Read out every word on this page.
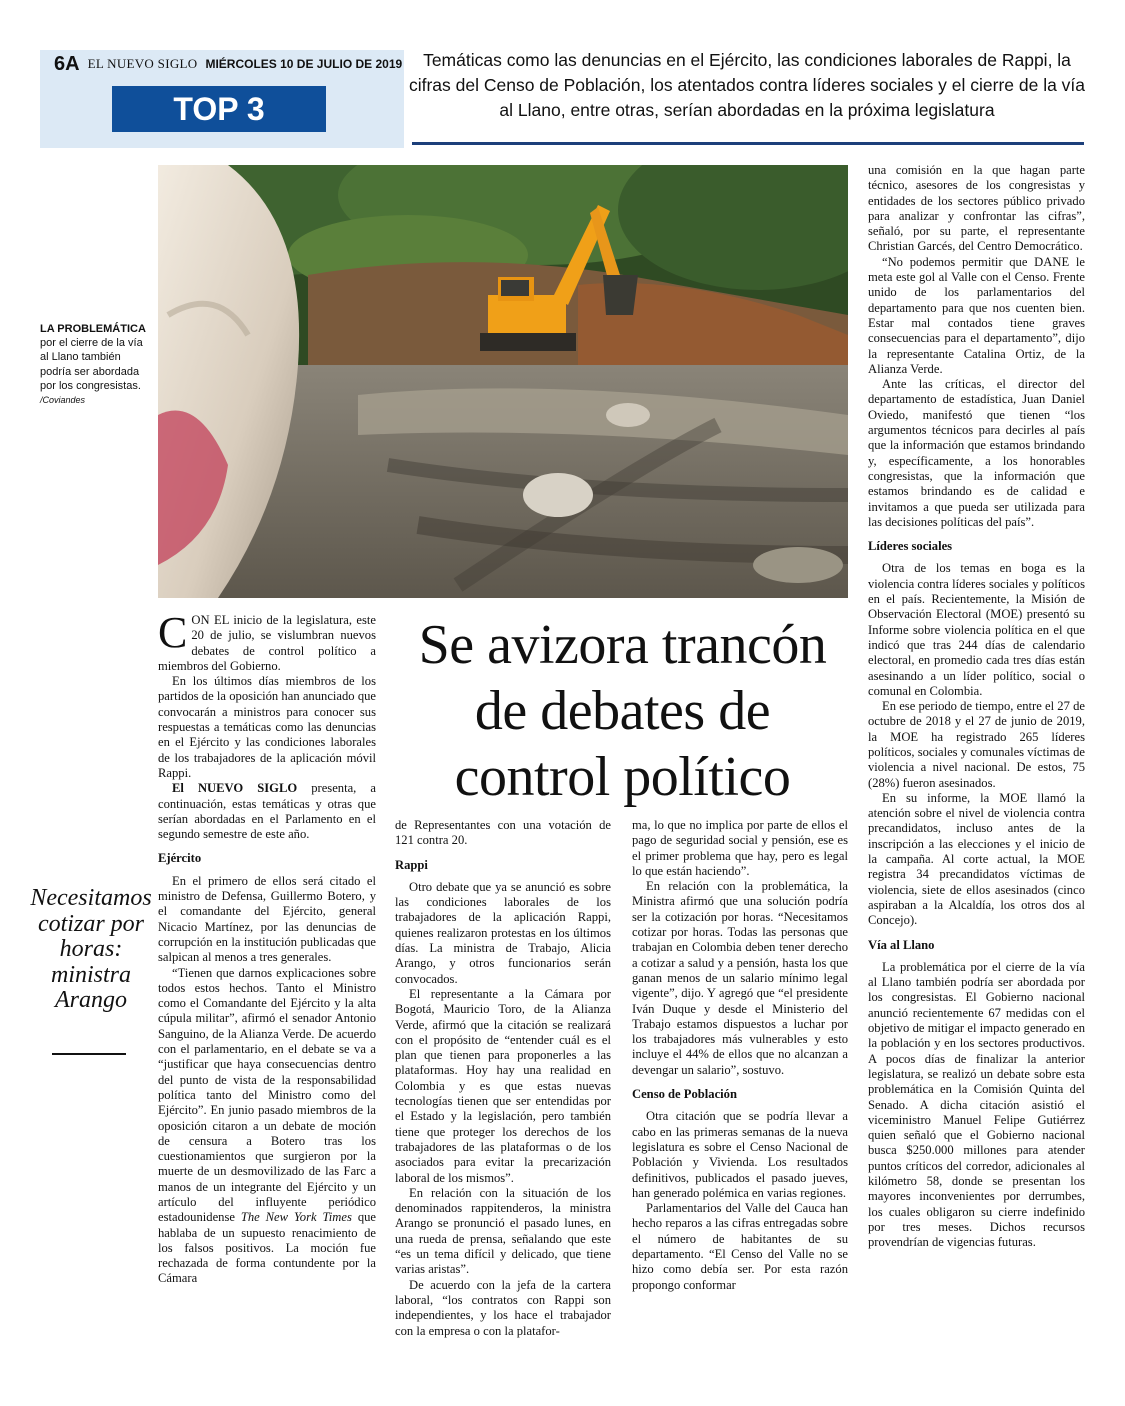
6A EL NUEVO SIGLO MIÉRCOLES 10 DE JULIO DE 2019
TOP 3
Temáticas como las denuncias en el Ejército, las condiciones laborales de Rappi, la cifras del Censo de Población, los atentados contra líderes sociales y el cierre de la vía al Llano, entre otras, serían abordadas en la próxima legislatura
LA PROBLEMÁTICA
por el cierre de la vía al Llano también podría ser abordada por los congresistas.
/Coviandes
Se avizora trancón de debates de control político
Necesitamos cotizar por horas: ministra Arango

CON EL inicio de la legislatura, este 20 de julio, se vislumbran nuevos debates de control político a miembros del Gobierno.

En los últimos días miembros de los partidos de la oposición han anunciado que convocarán a ministros para conocer sus respuestas a temáticas como las denuncias en el Ejército y las condiciones laborales de los trabajadores de la aplicación móvil Rappi.

El NUEVO SIGLO presenta, a continuación, estas temáticas y otras que serían abordadas en el Parlamento en el segundo semestre de este año.

Ejército

En el primero de ellos será citado el ministro de Defensa, Guillermo Botero, y el comandante del Ejército, general Nicacio Martínez, por las denuncias de corrupción en la institución publicadas que salpican al menos a tres generales.

“Tienen que darnos explicaciones sobre todos estos hechos. Tanto el Ministro como el Comandante del Ejército y la alta cúpula militar”, afirmó el senador Antonio Sanguino, de la Alianza Verde. De acuerdo con el parlamentario, en el debate se va a “justificar que haya consecuencias dentro del punto de vista de la responsabilidad política tanto del Ministro como del Ejército”. En junio pasado miembros de la oposición citaron a un debate de moción de censura a Botero tras los cuestionamientos que surgieron por la muerte de un desmovilizado de las Farc a manos de un integrante del Ejército y un artículo del influyente periódico estadounidense The New York Times que hablaba de un supuesto renacimiento de los falsos positivos. La moción fue rechazada de forma contundente por la Cámara

de Representantes con una votación de 121 contra 20.

Rappi

Otro debate que ya se anunció es sobre las condiciones laborales de los trabajadores de la aplicación Rappi, quienes realizaron protestas en los últimos días. La ministra de Trabajo, Alicia Arango, y otros funcionarios serán convocados.

El representante a la Cámara por Bogotá, Mauricio Toro, de la Alianza Verde, afirmó que la citación se realizará con el propósito de “entender cuál es el plan que tienen para proponerles a las plataformas. Hoy hay una realidad en Colombia y es que estas nuevas tecnologías tienen que ser entendidas por el Estado y la legislación, pero también tiene que proteger los derechos de los trabajadores de las plataformas o de los asociados para evitar la precarización laboral de los mismos”.

En relación con la situación de los denominados rappitenderos, la ministra Arango se pronunció el pasado lunes, en una rueda de prensa, señalando que este “es un tema difícil y delicado, que tiene varias aristas”.

De acuerdo con la jefa de la cartera laboral, “los contratos con Rappi son independientes, y los hace el trabajador con la empresa o con la platafor-

ma, lo que no implica por parte de ellos el pago de seguridad social y pensión, ese es el primer problema que hay, pero es legal lo que están haciendo”.

En relación con la problemática, la Ministra afirmó que una solución podría ser la cotización por horas. “Necesitamos cotizar por horas. Todas las personas que trabajan en Colombia deben tener derecho a cotizar a salud y a pensión, hasta los que ganan menos de un salario mínimo legal vigente”, dijo. Y agregó que “el presidente Iván Duque y desde el Ministerio del Trabajo estamos dispuestos a luchar por los trabajadores más vulnerables y esto incluye el 44% de ellos que no alcanzan a devengar un salario”, sostuvo.

Censo de Población

Otra citación que se podría llevar a cabo en las primeras semanas de la nueva legislatura es sobre el Censo Nacional de Población y Vivienda. Los resultados definitivos, publicados el pasado jueves, han generado polémica en varias regiones.

Parlamentarios del Valle del Cauca han hecho reparos a las cifras entregadas sobre el número de habitantes de su departamento. “El Censo del Valle no se hizo como debía ser. Por esta razón propongo conformar

una comisión en la que hagan parte técnico, asesores de los congresistas y entidades de los sectores público privado para analizar y confrontar las cifras”, señaló, por su parte, el representante Christian Garcés, del Centro Democrático.

“No podemos permitir que DANE le meta este gol al Valle con el Censo. Frente unido de los parlamentarios del departamento para que nos cuenten bien. Estar mal contados tiene graves consecuencias para el departamento”, dijo la representante Catalina Ortiz, de la Alianza Verde.

Ante las críticas, el director del departamento de estadística, Juan Daniel Oviedo, manifestó que tienen “los argumentos técnicos para decirles al país que la información que estamos brindando y, específicamente, a los honorables congresistas, que la información que estamos brindando es de calidad e invitamos a que pueda ser utilizada para las decisiones políticas del país”.

Líderes sociales

Otra de los temas en boga es la violencia contra líderes sociales y políticos en el país. Recientemente, la Misión de Observación Electoral (MOE) presentó su Informe sobre violencia política en el que indicó que tras 244 días de calendario electoral, en promedio cada tres días están asesinando a un líder político, social o comunal en Colombia.

En ese periodo de tiempo, entre el 27 de octubre de 2018 y el 27 de junio de 2019, la MOE ha registrado 265 líderes políticos, sociales y comunales víctimas de violencia a nivel nacional. De estos, 75 (28%) fueron asesinados.

En su informe, la MOE llamó la atención sobre el nivel de violencia contra precandidatos, incluso antes de la inscripción a las elecciones y el inicio de la campaña. Al corte actual, la MOE registra 34 precandidatos víctimas de violencia, siete de ellos asesinados (cinco aspiraban a la Alcaldía, los otros dos al Concejo).

Vía al Llano

La problemática por el cierre de la vía al Llano también podría ser abordada por los congresistas. El Gobierno nacional anunció recientemente 67 medidas con el objetivo de mitigar el impacto generado en la población y en los sectores productivos. A pocos días de finalizar la anterior legislatura, se realizó un debate sobre esta problemática en la Comisión Quinta del Senado. A dicha citación asistió el viceministro Manuel Felipe Gutiérrez quien señaló que el Gobierno nacional busca $250.000 millones para atender puntos críticos del corredor, adicionales al kilómetro 58, donde se presentan los mayores inconvenientes por derrumbes, los cuales obligaron su cierre indefinido por tres meses. Dichos recursos provendrían de vigencias futuras.
